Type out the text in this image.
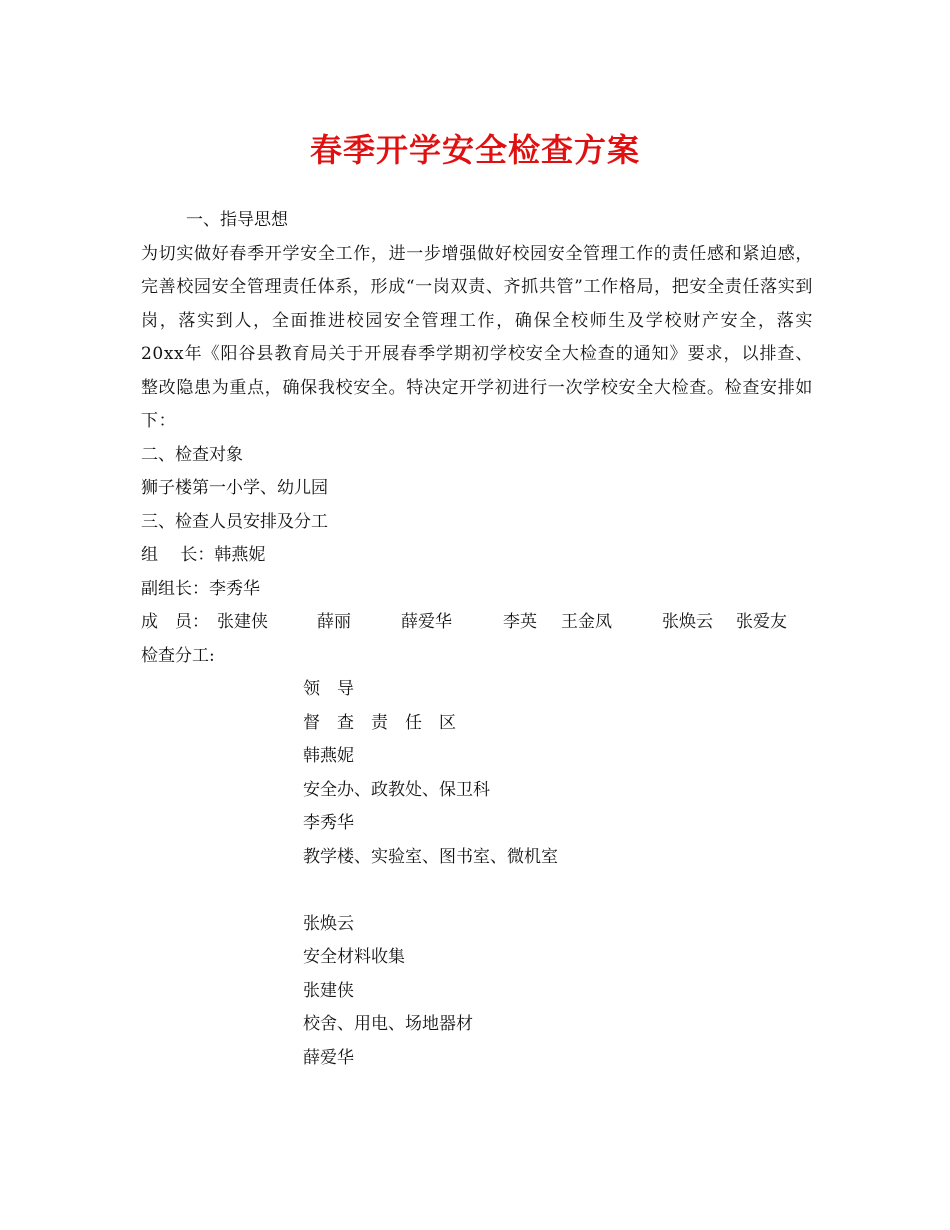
春季开学安全检查方案
一、指导思想
为切实做好春季开学安全工作，进一步增强做好校园安全管理工作的责任感和紧迫感，完善校园安全管理责任体系，形成“一岗双责、齐抓共管”工作格局，把安全责任落实到岗，落实到人，全面推进校园安全管理工作，确保全校师生及学校财产安全，落实20xx年《阳谷县教育局关于开展春季学期初学校安全大检查的通知》要求，以排查、整改隐患为重点，确保我校安全。特决定开学初进行一次学校安全大检查。检查安排如下：
二、检查对象
狮子楼第一小学、幼儿园
三、检查人员安排及分工
组　 长：韩燕妮
副组长：李秀华
成　员： 张建侠	薛丽	薛爱华	李英 王金凤	张焕云 张爱友
检查分工:
领　导
督　查　责　任　区
韩燕妮
安全办、政教处、保卫科
李秀华
教学楼、实验室、图书室、微机室
张焕云
安全材料收集
张建侠
校舍、用电、场地器材
薛爱华
